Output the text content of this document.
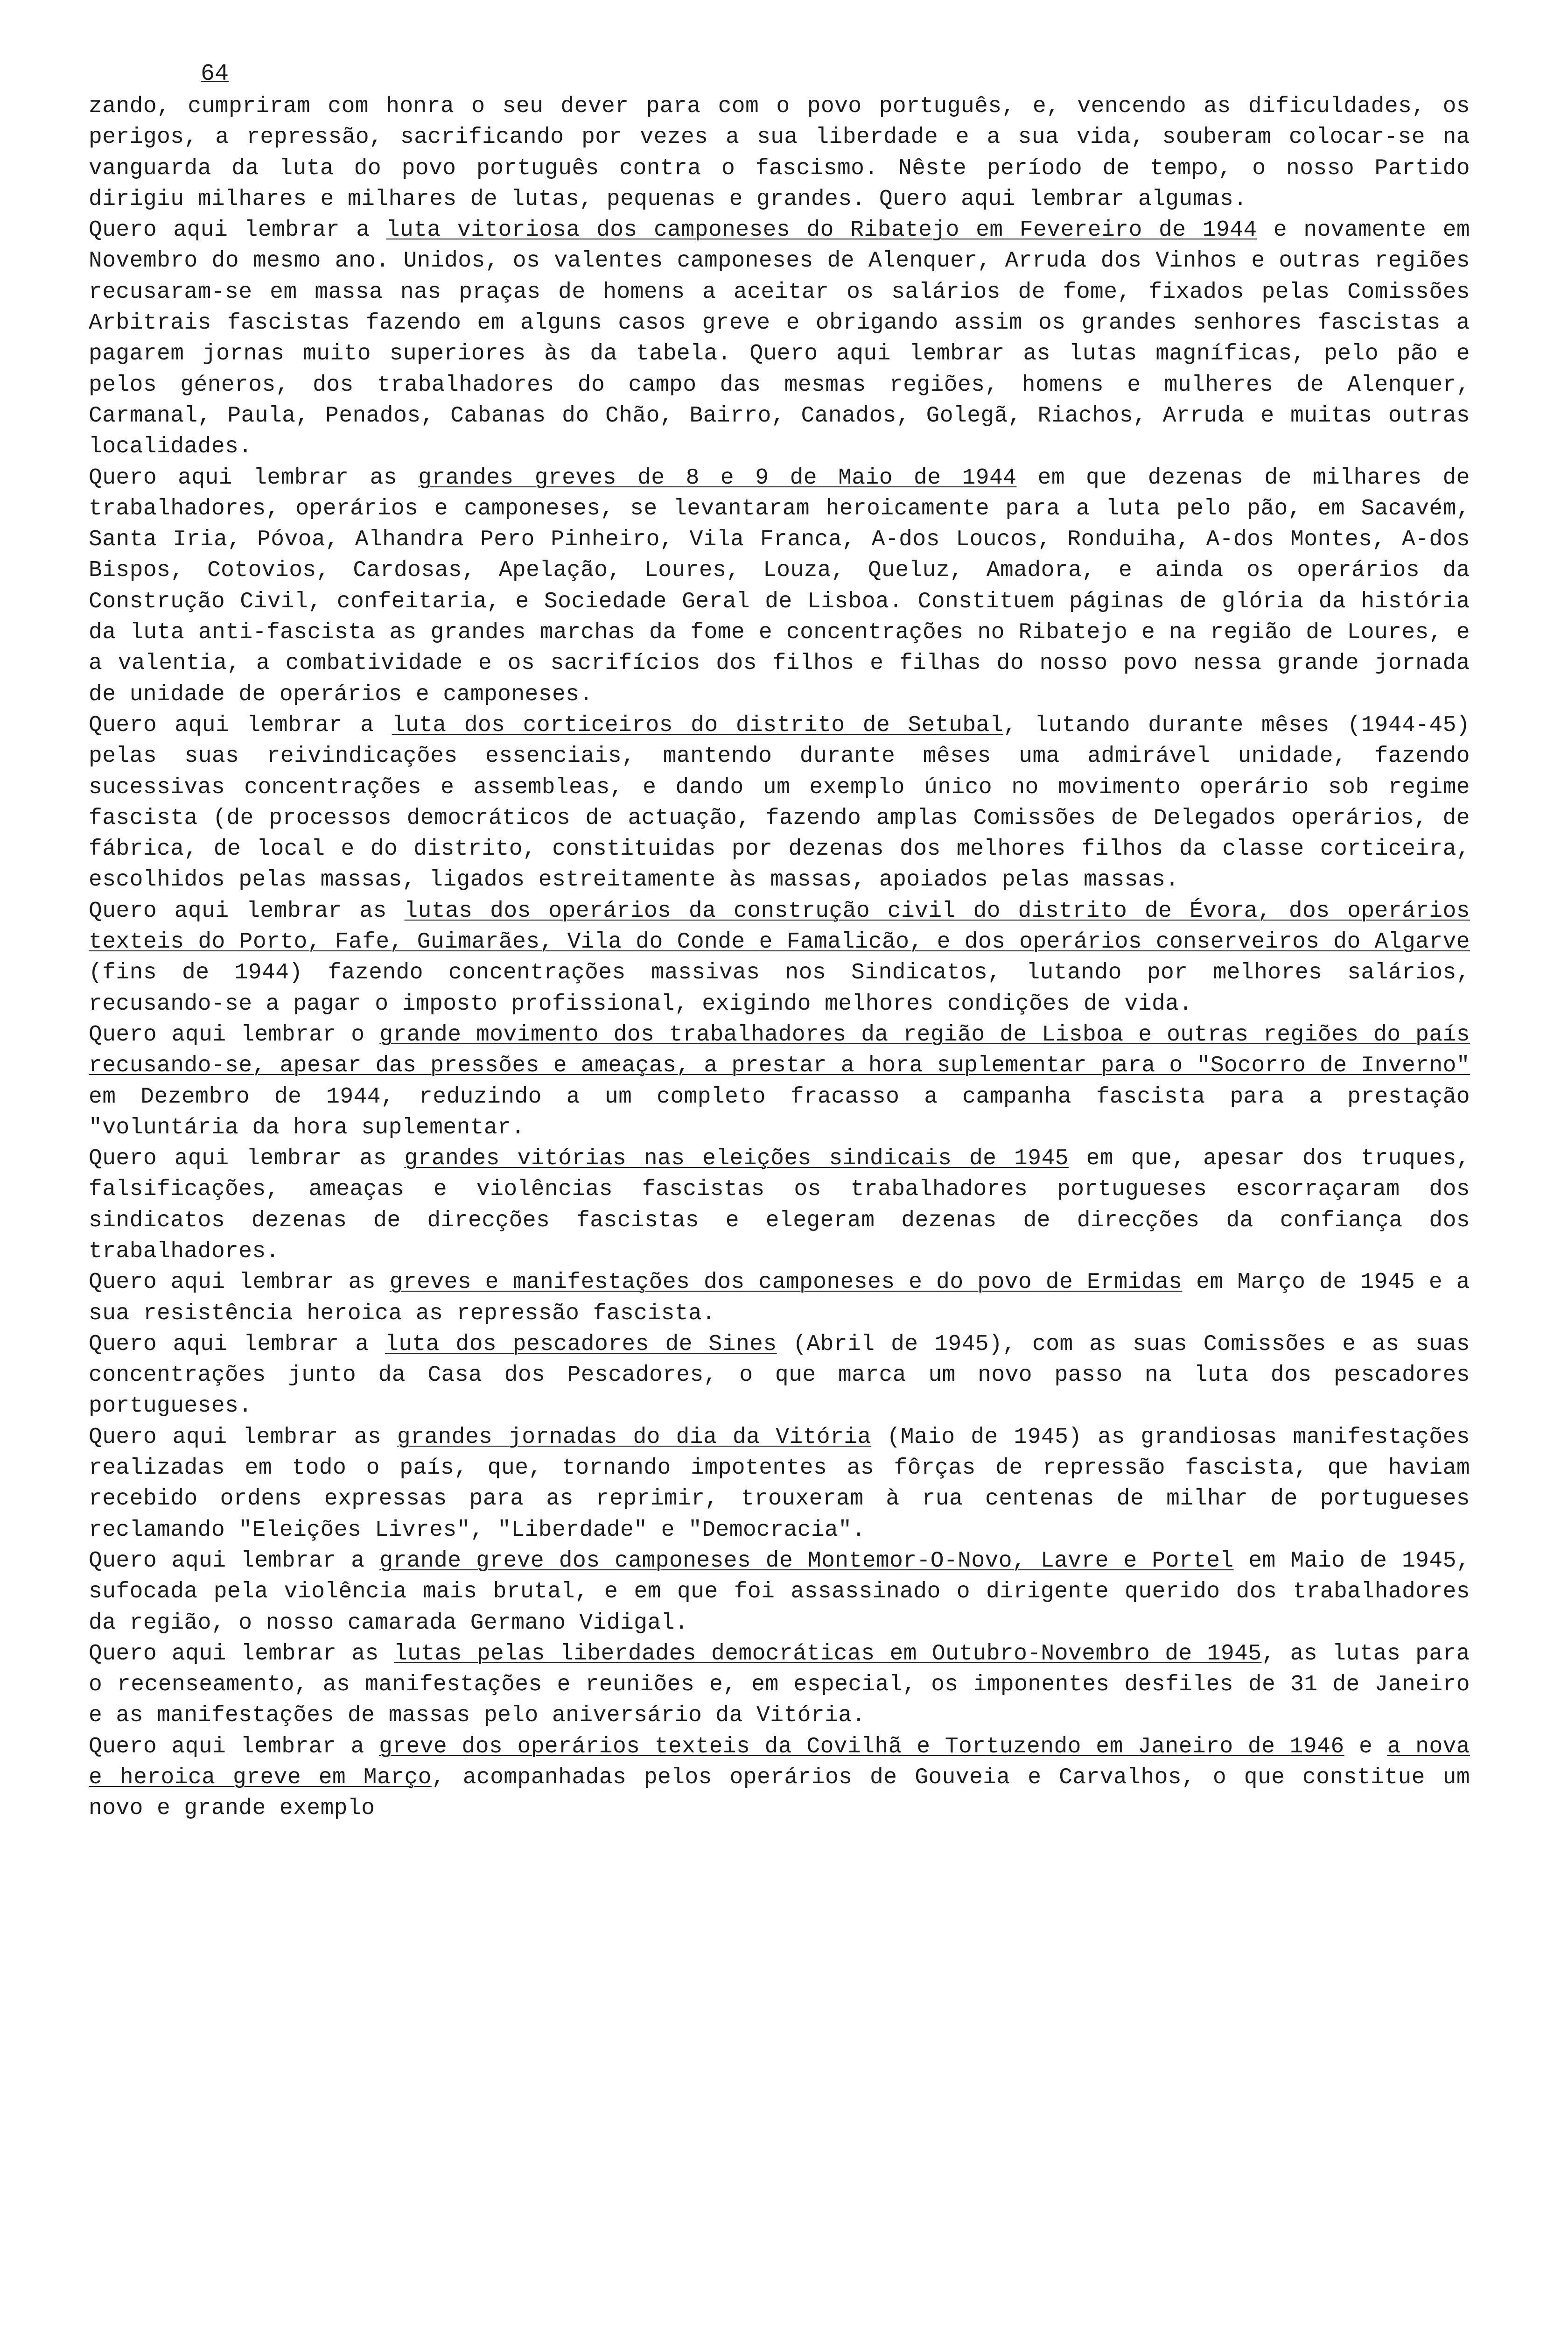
64

zando, cumpriram com honra o seu dever para com o povo português, e, vencendo as dificuldades, os perigos, a repressão, sacrificando por vezes a sua liberdade e a sua vida, souberam colocar-se na vanguarda da luta do povo português contra o fascismo. Nêste período de tempo, o nosso Partido dirigiu milhares e milhares de lutas, pequenas e grandes. Quero aqui lembrar algumas.

Quero aqui lembrar a luta vitoriosa dos camponeses do Ribatejo em Fevereiro de 1944 e novamente em Novembro do mesmo ano. Unidos, os valentes camponeses de Alenquer, Arruda dos Vinhos e outras regiões recusaram-se em massa nas praças de homens a aceitar os salários de fome, fixados pelas Comissões Arbitrais fascistas fazendo em alguns casos greve e obrigando assim os grandes senhores fascistas a pagarem jornas muito superiores às da tabela. Quero aqui lembrar as lutas magníficas, pelo pão e pelos géneros, dos trabalhadores do campo das mesmas regiões, homens e mulheres de Alenquer, Carmanal, Paula, Penados, Cabanas do Chão, Bairro, Canados, Golegã, Riachos, Arruda e muitas outras localidades.

Quero aqui lembrar as grandes greves de 8 e 9 de Maio de 1944 em que dezenas de milhares de trabalhadores, operários e camponeses, se levantaram heroicamente para a luta pelo pão, em Sacavém, Santa Iria, Póvoa, Alhandra Pero Pinheiro, Vila Franca, A-dos Loucos, Ronduiha, A-dos Montes, A-dos Bispos, Cotovios, Cardosas, Apelação, Loures, Louza, Queluz, Amadora, e ainda os operários da Construção Civil, confeitaria, e Sociedade Geral de Lisboa. Constituem páginas de glória da história da luta anti-fascista as grandes marchas da fome e concentrações no Ribatejo e na região de Loures, e a valentia, a combatividade e os sacrifícios dos filhos e filhas do nosso povo nessa grande jornada de unidade de operários e camponeses.

Quero aqui lembrar a luta dos corticeiros do distrito de Setubal, lutando durante mêses (1944-45) pelas suas reivindicações essenciais, mantendo durante mêses uma admirável unidade, fazendo sucessivas concentrações e assembleas, e dando um exemplo único no movimento operário sob regime fascista (de processos democráticos de actuação, fazendo amplas Comissões de Delegados operários, de fábrica, de local e do distrito, constituidas por dezenas dos melhores filhos da classe corticeira, escolhidos pelas massas, ligados estreitamente às massas, apoiados pelas massas.

Quero aqui lembrar as lutas dos operários da construção civil do distrito de Évora, dos operários texteis do Porto, Fafe, Guimarães, Vila do Conde e Famalicão, e dos operários conserveiros do Algarve (fins de 1944) fazendo concentrações massivas nos Sindicatos, lutando por melhores salários, recusando-se a pagar o imposto profissional, exigindo melhores condições de vida.

Quero aqui lembrar o grande movimento dos trabalhadores da região de Lisboa e outras regiões do país recusando-se, apesar das pressões e ameaças, a prestar a hora suplementar para o "Socorro de Inverno" em Dezembro de 1944, reduzindo a um completo fracasso a campanha fascista para a prestação "voluntária da hora suplementar.

Quero aqui lembrar as grandes vitórias nas eleições sindicais de 1945 em que, apesar dos truques, falsificações, ameaças e violências fascistas os trabalhadores portugueses escorraçaram dos sindicatos dezenas de direcções fascistas e elegeram dezenas de direcções da confiança dos trabalhadores.

Quero aqui lembrar as greves e manifestações dos camponeses e do povo de Ermidas em Março de 1945 e a sua resistência heroica as repressão fascista.

Quero aqui lembrar a luta dos pescadores de Sines (Abril de 1945), com as suas Comissões e as suas concentrações junto da Casa dos Pescadores, o que marca um novo passo na luta dos pescadores portugueses.

Quero aqui lembrar as grandes jornadas do dia da Vitória (Maio de 1945) as grandiosas manifestações realizadas em todo o país, que, tornando impotentes as fôrças de repressão fascista, que haviam recebido ordens expressas para as reprimir, trouxeram à rua centenas de milhar de portugueses reclamando "Eleições Livres", "Liberdade" e "Democracia".

Quero aqui lembrar a grande greve dos camponeses de Montemor-O-Novo, Lavre e Portel em Maio de 1945, sufocada pela violência mais brutal, e em que foi assassinado o dirigente querido dos trabalhadores da região, o nosso camarada Germano Vidigal.

Quero aqui lembrar as lutas pelas liberdades democráticas em Outubro-Novembro de 1945, as lutas para o recenseamento, as manifestações e reuniões e, em especial, os imponentes desfiles de 31 de Janeiro e as manifestações de massas pelo aniversário da Vitória.

Quero aqui lembrar a greve dos operários texteis da Covilhã e Tortuzendo em Janeiro de 1946 e a nova e heroica greve em Março, acompanhadas pelos operários de Gouveia e Carvalhos, o que constitue um novo e grande exemplo
